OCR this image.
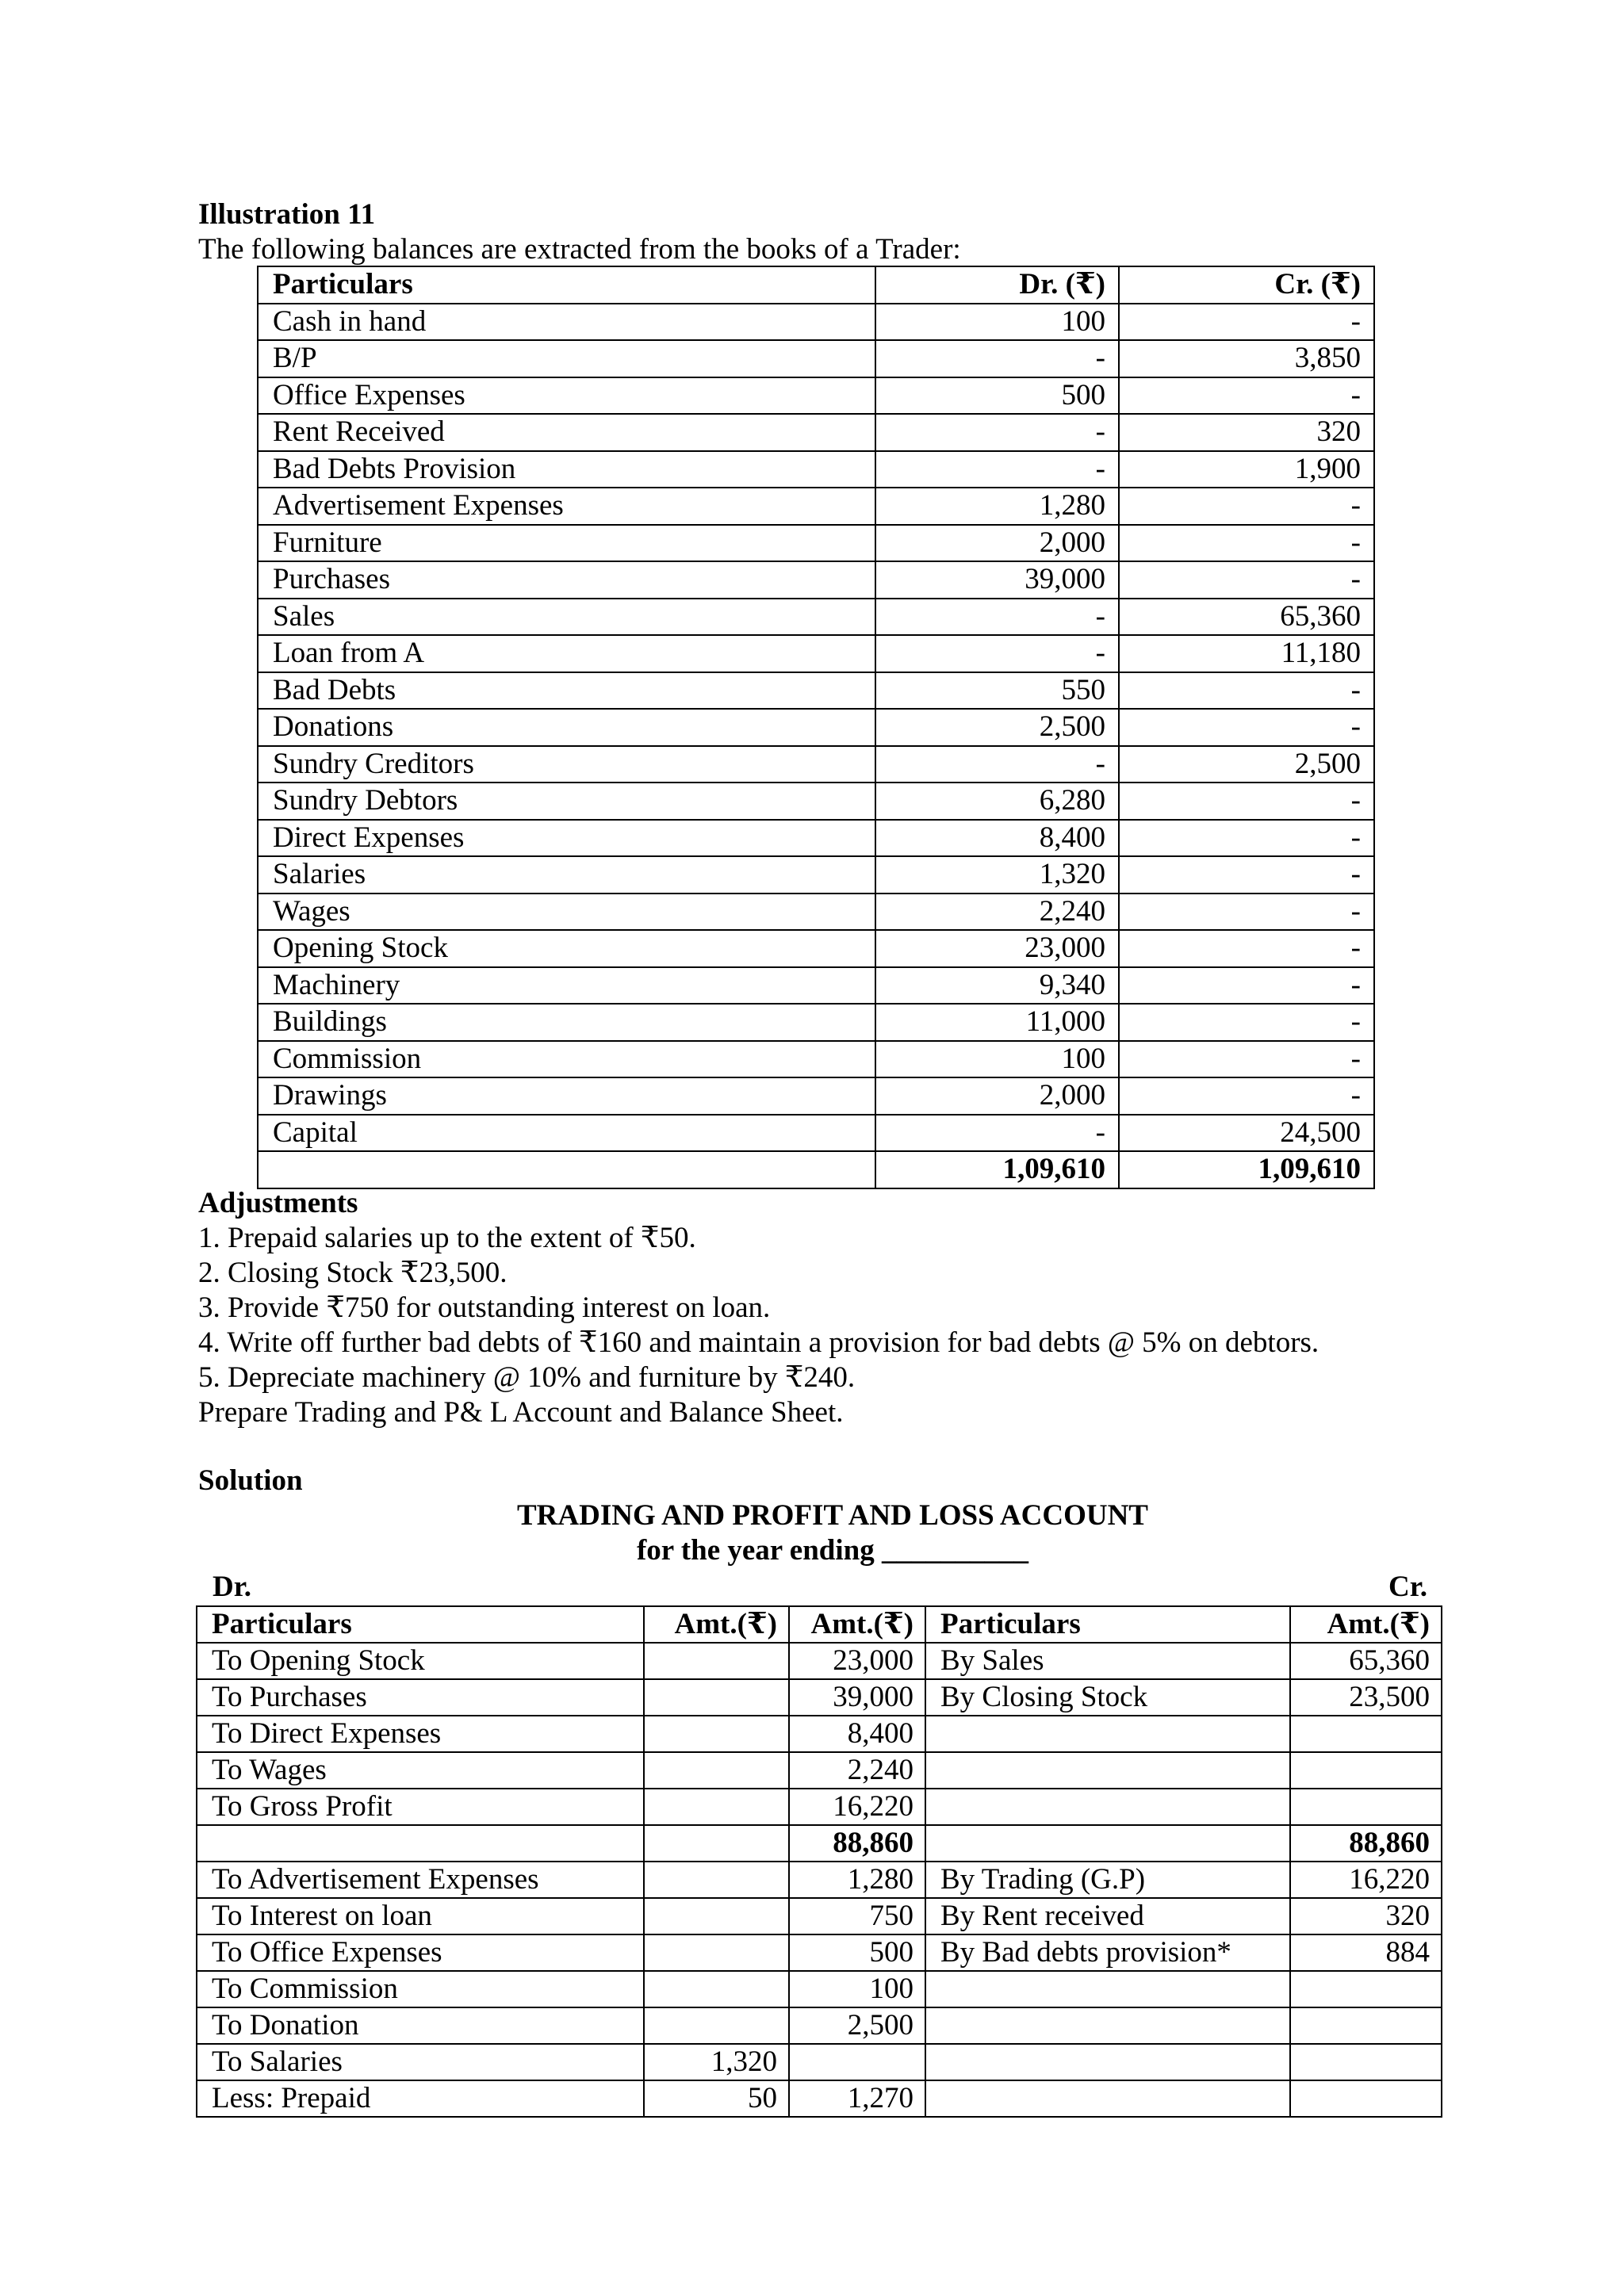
Illustration 11
The following balances are extracted from the books of a Trader:
Particulars	Dr. (₹)	Cr. (₹)
Cash in hand	100	-
B/P	-	3,850
Office Expenses	500	-
Rent Received	-	320
Bad Debts Provision	-	1,900
Advertisement Expenses	1,280	-
Furniture	2,000	-
Purchases	39,000	-
Sales	-	65,360
Loan from A	-	11,180
Bad Debts	550	-
Donations	2,500	-
Sundry Creditors	-	2,500
Sundry Debtors	6,280	-
Direct Expenses	8,400	-
Salaries	1,320	-
Wages	2,240	-
Opening Stock	23,000	-
Machinery	9,340	-
Buildings	11,000	-
Commission	100	-
Drawings	2,000	-
Capital	-	24,500
	1,09,610	1,09,610
Adjustments
1. Prepaid salaries up to the extent of ₹50.
2. Closing Stock ₹23,500.
3. Provide ₹750 for outstanding interest on loan.
4. Write off further bad debts of ₹160 and maintain a provision for bad debts @ 5% on debtors.
5. Depreciate machinery @ 10% and furniture by ₹240.
Prepare Trading and P& L Account and Balance Sheet.
Solution
TRADING AND PROFIT AND LOSS ACCOUNT
for the year ending __________
Dr.	Cr.
Particulars	Amt.(₹)	Amt.(₹)	Particulars	Amt.(₹)
To Opening Stock		23,000	By Sales	65,360
To Purchases		39,000	By Closing Stock	23,500
To Direct Expenses		8,400		
To Wages		2,240		
To Gross Profit		16,220		
		88,860		88,860
To Advertisement Expenses		1,280	By Trading (G.P)	16,220
To Interest on loan		750	By Rent received	320
To Office Expenses		500	By Bad debts provision*	884
To Commission		100		
To Donation		2,500		
To Salaries	1,320			
Less: Prepaid	50	1,270		
